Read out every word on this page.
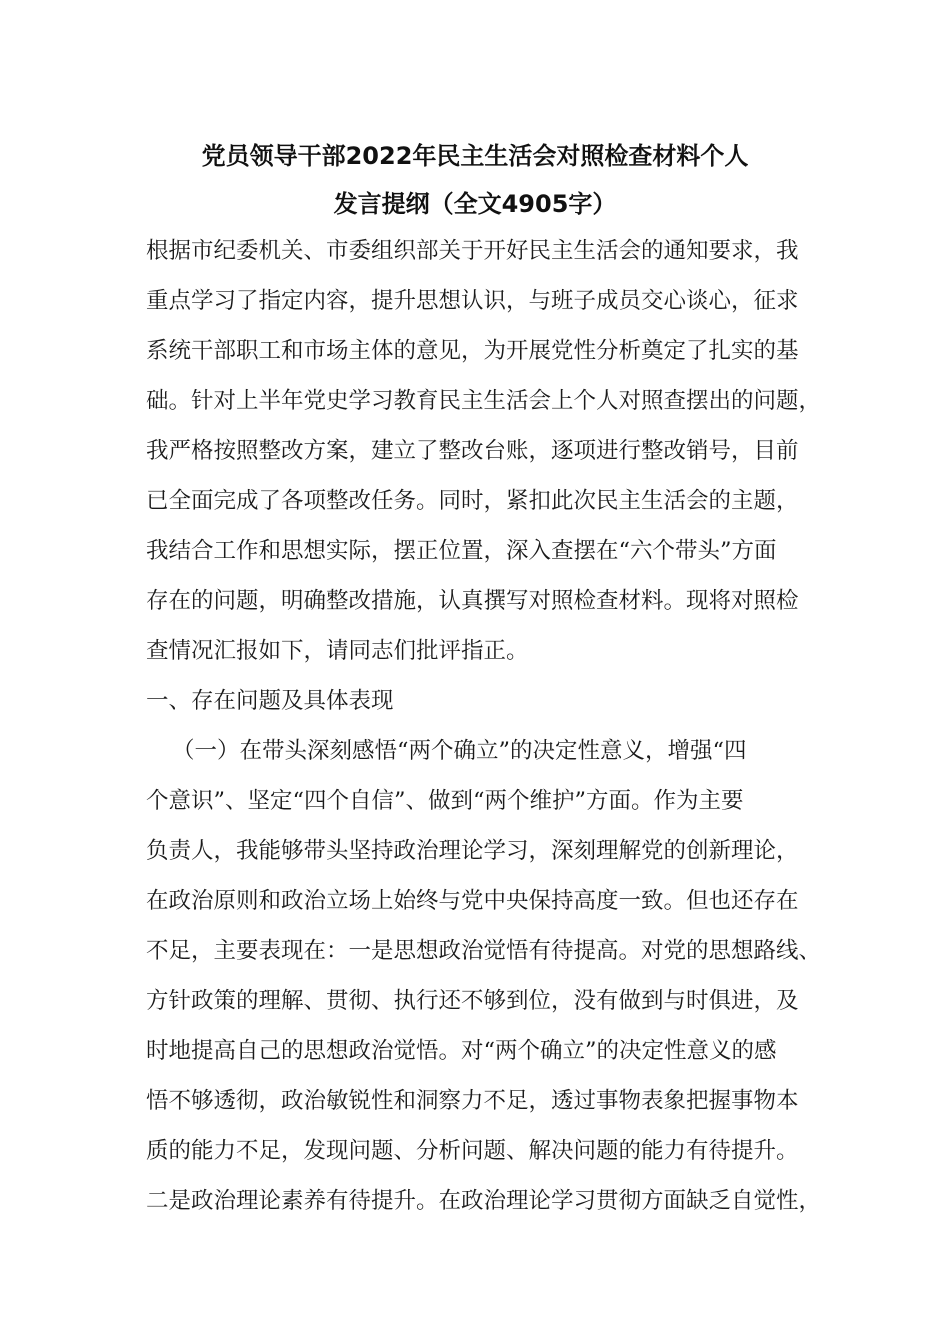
党员领导干部2022年民主生活会对照检查材料个人
发言提纲（全文4905字）
根据市纪委机关、市委组织部关于开好民主生活会的通知要求，我
重点学习了指定内容，提升思想认识，与班子成员交心谈心，征求
系统干部职工和市场主体的意见，为开展党性分析奠定了扎实的基
础。针对上半年党史学习教育民主生活会上个人对照查摆出的问题，
我严格按照整改方案，建立了整改台账，逐项进行整改销号，目前
已全面完成了各项整改任务。同时，紧扣此次民主生活会的主题，
我结合工作和思想实际，摆正位置，深入查摆在“六个带头”方面
存在的问题，明确整改措施，认真撰写对照检查材料。现将对照检
查情况汇报如下，请同志们批评指正。
一、存在问题及具体表现
（一）在带头深刻感悟“两个确立”的决定性意义，增强“四
个意识”、坚定“四个自信”、做到“两个维护”方面。作为主要
负责人，我能够带头坚持政治理论学习，深刻理解党的创新理论，
在政治原则和政治立场上始终与党中央保持高度一致。但也还存在
不足，主要表现在：一是思想政治觉悟有待提高。对党的思想路线、
方针政策的理解、贯彻、执行还不够到位，没有做到与时俱进，及
时地提高自己的思想政治觉悟。对“两个确立”的决定性意义的感
悟不够透彻，政治敏锐性和洞察力不足，透过事物表象把握事物本
质的能力不足，发现问题、分析问题、解决问题的能力有待提升。
二是政治理论素养有待提升。在政治理论学习贯彻方面缺乏自觉性，
